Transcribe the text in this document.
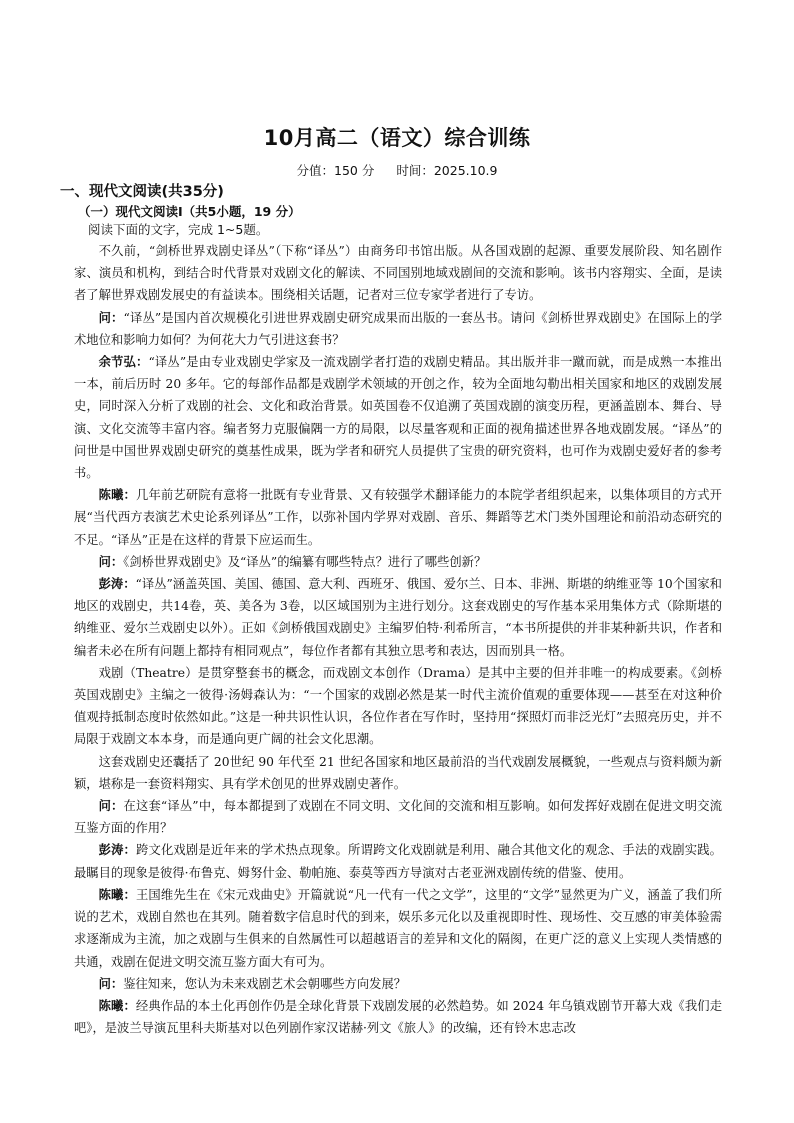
10月高二（语文）综合训练
分值：150 分 时间：2025.10.9
一、现代文阅读(共35分)
（一）现代文阅读Ⅰ（共5小题，19 分）
阅读下面的文字，完成 1~5题。

不久前，“剑桥世界戏剧史译丛”（下称“译丛”）由商务印书馆出版。从各国戏剧的起源、重要发展阶段、知名剧作家、演员和机构，到结合时代背景对戏剧文化的解读、不同国别地域戏剧间的交流和影响。该书内容翔实、全面，是读者了解世界戏剧发展史的有益读本。围绕相关话题，记者对三位专家学者进行了专访。

问：“译丛”是国内首次规模化引进世界戏剧史研究成果而出版的一套丛书。请问《剑桥世界戏剧史》在国际上的学术地位和影响力如何？为何花大力气引进这套书？

余节弘：“译丛”是由专业戏剧史学家及一流戏剧学者打造的戏剧史精品。其出版并非一蹴而就，而是成熟一本推出一本，前后历时 20 多年。它的每部作品都是戏剧学术领域的开创之作，较为全面地勾勒出相关国家和地区的戏剧发展史，同时深入分析了戏剧的社会、文化和政治背景。如英国卷不仅追溯了英国戏剧的演变历程，更涵盖剧本、舞台、导演、文化交流等丰富内容。编者努力克服偏隅一方的局限，以尽量客观和正面的视角描述世界各地戏剧发展。“译丛”的问世是中国世界戏剧史研究的奠基性成果，既为学者和研究人员提供了宝贵的研究资料，也可作为戏剧史爱好者的参考书。

陈曦：几年前艺研院有意将一批既有专业背景、又有较强学术翻译能力的本院学者组织起来，以集体项目的方式开展“当代西方表演艺术史论系列译丛”工作，以弥补国内学界对戏剧、音乐、舞蹈等艺术门类外国理论和前沿动态研究的不足。“译丛”正是在这样的背景下应运而生。

问：《剑桥世界戏剧史》及“译丛”的编纂有哪些特点？进行了哪些创新？

彭涛：“译丛”涵盖英国、美国、德国、意大利、西班牙、俄国、爱尔兰、日本、非洲、斯堪的纳维亚等 10个国家和地区的戏剧史，共14卷，英、美各为 3卷，以区域国别为主进行划分。这套戏剧史的写作基本采用集体方式（除斯堪的纳维亚、爱尔兰戏剧史以外）。正如《剑桥俄国戏剧史》主编罗伯特·利希所言，“本书所提供的并非某种新共识，作者和编者未必在所有问题上都持有相同观点”，每位作者都有其独立思考和表达，因而别具一格。

戏剧（Theatre）是贯穿整套书的概念，而戏剧文本创作（Drama）是其中主要的但并非唯一的构成要素。《剑桥英国戏剧史》主编之一彼得·汤姆森认为：“一个国家的戏剧必然是某一时代主流价值观的重要体现——甚至在对这种价值观持抵制态度时依然如此。”这是一种共识性认识，各位作者在写作时，坚持用“探照灯而非泛光灯”去照亮历史，并不局限于戏剧文本本身，而是通向更广阔的社会文化思潮。

这套戏剧史还囊括了 20世纪 90 年代至 21 世纪各国家和地区最前沿的当代戏剧发展概貌，一些观点与资料颇为新颖，堪称是一套资料翔实、具有学术创见的世界戏剧史著作。

问：在这套“译丛”中，每本都提到了戏剧在不同文明、文化间的交流和相互影响。如何发挥好戏剧在促进文明交流互鉴方面的作用？

彭涛：跨文化戏剧是近年来的学术热点现象。所谓跨文化戏剧就是利用、融合其他文化的观念、手法的戏剧实践。最瞩目的现象是彼得·布鲁克、姆努什金、勒帕施、泰莫等西方导演对古老亚洲戏剧传统的借鉴、使用。

陈曦：王国维先生在《宋元戏曲史》开篇就说“凡一代有一代之文学”，这里的“文学”显然更为广义，涵盖了我们所说的艺术，戏剧自然也在其列。随着数字信息时代的到来，娱乐多元化以及重视即时性、现场性、交互感的审美体验需求逐渐成为主流，加之戏剧与生俱来的自然属性可以超越语言的差异和文化的隔阂，在更广泛的意义上实现人类情感的共通，戏剧在促进文明交流互鉴方面大有可为。

问：鉴往知来，您认为未来戏剧艺术会朝哪些方向发展？

陈曦：经典作品的本土化再创作仍是全球化背景下戏剧发展的必然趋势。如 2024 年乌镇戏剧节开幕大戏《我们走吧》，是波兰导演瓦里科夫斯基对以色列剧作家汉诺赫·列文《旅人》的改编，还有铃木忠志改
